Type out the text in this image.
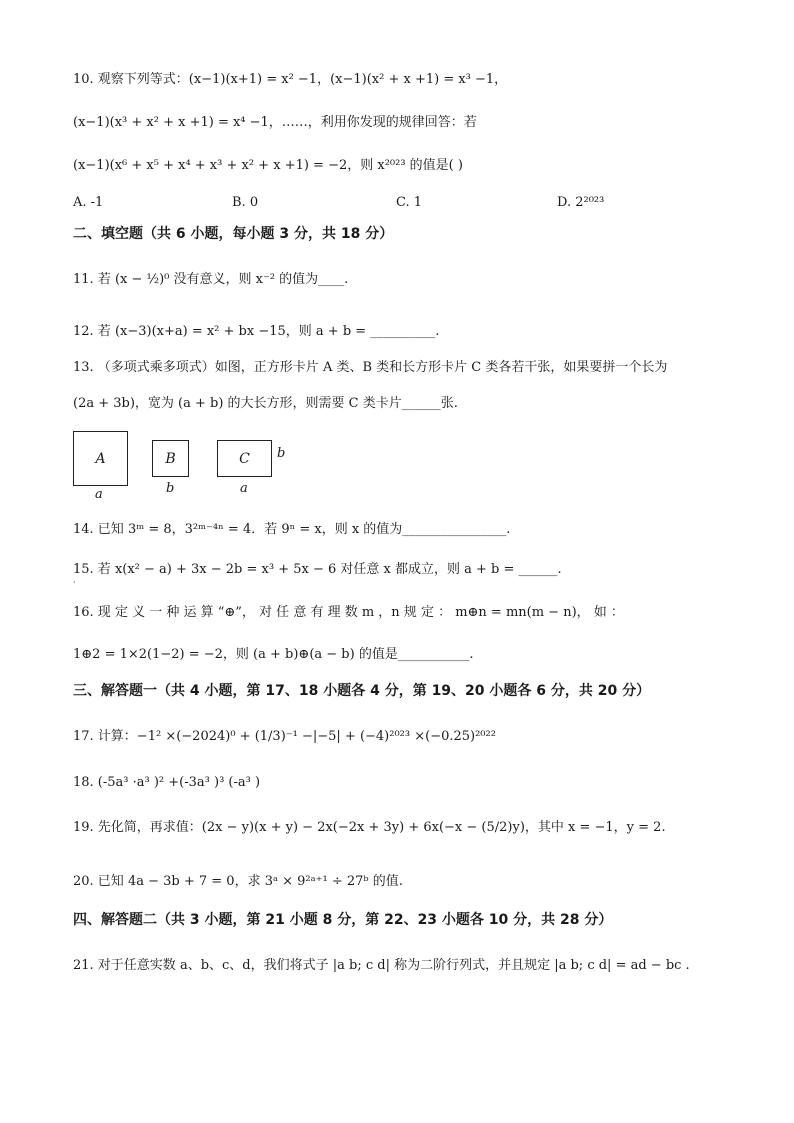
10. 观察下列等式：(x−1)(x+1) = x² −1，(x−1)(x² + x +1) = x³ −1，
(x−1)(x³ + x² + x +1) = x⁴ −1，……，利用你发现的规律回答：若
(x−1)(x⁶ + x⁵ + x⁴ + x³ + x² + x +1) = −2，则 x²⁰²³ 的值是( )
A. -1	B. 0	C. 1	D. 2²⁰²³
二、填空题（共 6 小题，每小题 3 分，共 18 分）
11. 若 (x − ½)⁰ 没有意义，则 x⁻² 的值为____.
12. 若 (x−3)(x+a) = x² + bx −15，则 a + b = __________.
13. （多项式乘多项式）如图，正方形卡片 A 类、B 类和长方形卡片 C 类各若干张，如果要拼一个长为
(2a + 3b)，宽为 (a + b) 的大长方形，则需要 C 类卡片______张.
A
a
B
b
C
a
b
14. 已知 3ᵐ = 8，3²ᵐ⁻⁴ⁿ = 4．若 9ⁿ = x，则 x 的值为________________.
15. 若 x(x² − a) + 3x − 2b = x³ + 5x − 6 对任意 x 都成立，则 a + b = ______.
·
16. 现 定 义 一 种 运 算 “⊕”， 对 任 意 有 理 数 m ，n 规 定 ： m⊕n = mn(m − n)， 如 ：
1⊕2 = 1×2(1−2) = −2，则 (a + b)⊕(a − b) 的值是___________.
三、解答题一（共 4 小题，第 17、18 小题各 4 分，第 19、20 小题各 6 分，共 20 分）
17. 计算：−1² ×(−2024)⁰ + (1/3)⁻¹ −|−5| + (−4)²⁰²³ ×(−0.25)²⁰²²
18. (-5a³ ·a³ )² +(-3a³ )³ (-a³ )
19. 先化简，再求值：(2x − y)(x + y) − 2x(−2x + 3y) + 6x(−x − (5/2)y)，其中 x = −1，y = 2.
20. 已知 4a − 3b + 7 = 0，求 3ᵃ × 9²ᵃ⁺¹ ÷ 27ᵇ 的值.
四、解答题二（共 3 小题，第 21 小题 8 分，第 22、23 小题各 10 分，共 28 分）
21. 对于任意实数 a、b、c、d，我们将式子 |a b; c d| 称为二阶行列式，并且规定 |a b; c d| = ad − bc .
